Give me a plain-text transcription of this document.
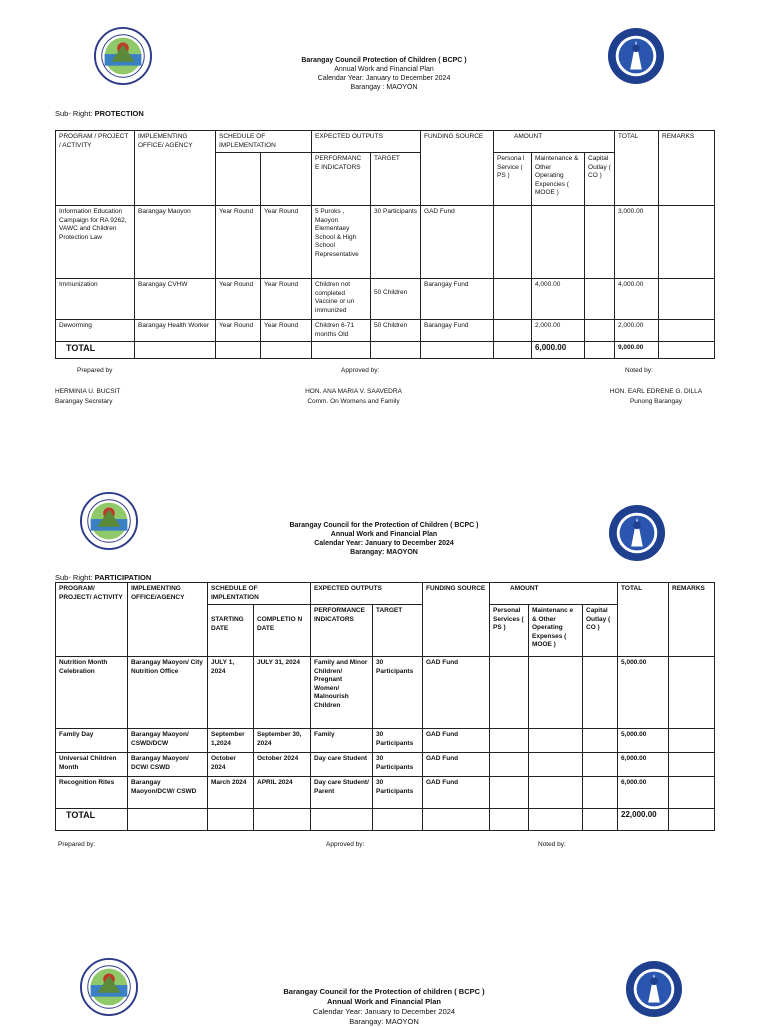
Barangay Council Protection of Children ( BCPC )
Annual Work and Financial Plan
Calendar Year: January to December 2024
Barangay : MAOYON
Sub- Right: PROTECTION
PROGRAM / PROJECT / ACTIVITY	IMPLEMENTING OFFICE/ AGENCY	SCHEDULE OF IMPLEMENTATION		EXPECTED OUTPUTS		FUNDING SOURCE	AMOUNT			TOTAL	REMARKS
				PERFORMANC E INDICATORS	TARGET		Persona l Service ( PS )	Maintenance & Other Operating Expencies ( MOOE )	Capital Outlay ( CO )		

Information Education Campaign for RA 9262, VAWC and Children Protection Law	Barangay Maoyon	Year Round	Year Round	5 Puroks , Maoyon Elementaey School & High School Representative	30 Participants	GAD Fund				3,000.00	
Immunization	Barangay CVHW	Year Round	Year Round	Children not completed Vaccine or un immunized	50 Children	Barangay Fund		4,000.00		4,000.00	
Deworming	Barangay Health Worker	Year Round	Year Round	Children 6-71 months Old	50 Children	Barangay Fund		2,000.00		2,000.00	
TOTAL								6,000.00		9,000.00	
Prepared by	Approved by:	Noted by:
HERMINIA U. BUCSIT
Barangay Secretary
HON. ANA MARIA V. SAAVEDRA
Comm. On Womens and Family
HON. EARL EDRENE G. DILLA
Punong Barangay
Barangay Council for the Protection of Children ( BCPC )
Annual Work and Financial Plan
Calendar Year: January to December 2024
Barangay: MAOYON
Sub- Right: PARTICIPATION
PROGRAM/ PROJECT/ ACTIVITY	IMPLEMENTING OFFICE/AGENCY	SCHEDULE OF IMPLENTATION		EXPECTED OUTPUTS		FUNDING SOURCE	AMOUNT			TOTAL	REMARKS
		STARTING DATE	COMPLETIO N DATE	PERFORMANCE INDICATORS	TARGET		Personal Services ( PS )	Maintenanc e & Other Operating Expenses ( MOOE )	Capital Outlay ( CO )		

Nutrition Month Celebration	Barangay Maoyon/ City Nutrition Office	JULY 1, 2024	JULY 31, 2024	Family and Minor Children/ Pregnant Women/ Malnourish Children	30 Participants	GAD Fund				5,000.00	
Family Day	Barangay Maoyon/ CSWD/DCW	September 1,2024	September 30, 2024	Family	30 Participants	GAD Fund				5,000.00	
Universal Children Month	Barangay Maoyon/ DCW/ CSWD	October 2024	October 2024	Day care Student	30 Participants	GAD Fund				6,000.00	
Recognition Rites	Barangay Maoyon/DCW/ CSWD	March 2024	APRIL 2024	Day care Student/ Parent	30 Participants	GAD Fund				6,000.00	
TOTAL										22,000.00	
Prepared by:	Approved by:	Noted by:
Barangay Council for the Protection of children ( BCPC )
Annual Work and Financial Plan
Calendar Year: January to December 2024
Barangay: MAOYON
